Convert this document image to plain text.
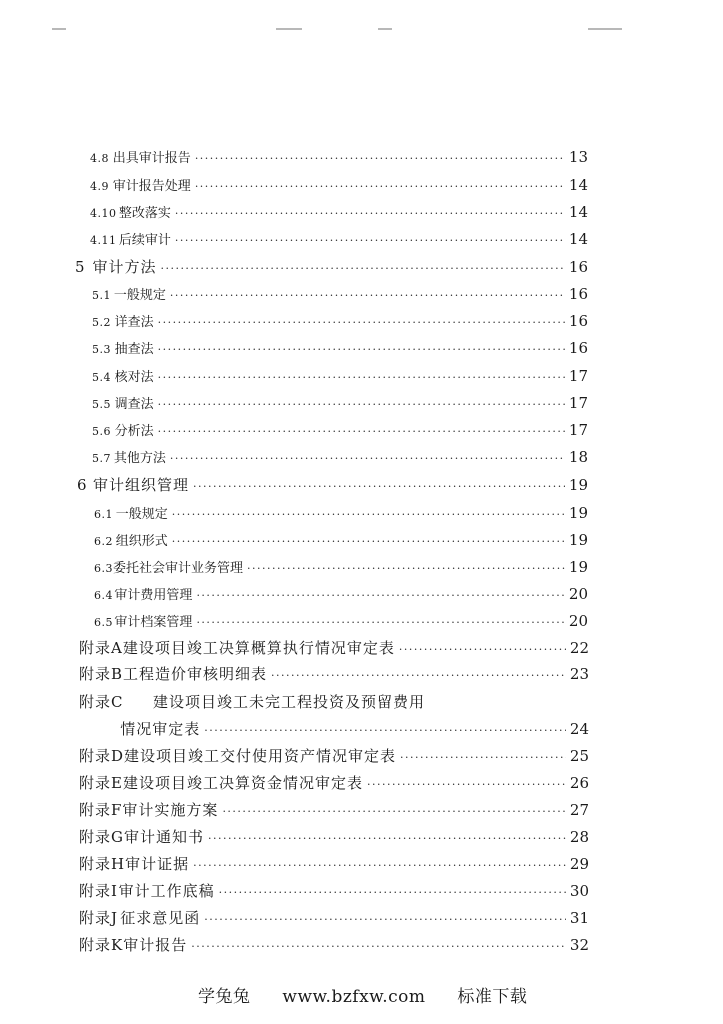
4.8 出具审计报告 ·····	13
4.9 审计报告处理 ·····	14
4.10 整改落实 ·····	14
4.11 后续审计 ·····	14
5 审计方法 ·····	16
5.1 一般规定 ·····	16
5.2 详查法 ·····	16
5.3 抽查法 ·····	16
5.4 核对法 ·····	17
5.5 调查法 ·····	17
5.6 分析法 ·····	17
5.7 其他方法 ·····	18
6 审计组织管理 ·····	19
6.1 一般规定 ·····	19
6.2 组织形式 ·····	19
6.3 委托社会审计业务管理 ·····	19
6.4 审计费用管理 ·····	20
6.5 审计档案管理 ·····	20
附录A 建设项目竣工决算概算执行情况审定表 ·····	22
附录B 工程造价审核明细表 ·····	23
附录C	建设项目竣工未完工程投资及预留费用
情况审定表 ·····	24
附录D 建设项目竣工交付使用资产情况审定表 ·····	25
附录E 建设项目竣工决算资金情况审定表 ·····	26
附录F 审计实施方案 ·····	27
附录G 审计通知书 ·····	28
附录H 审计证据 ·····	29
附录I 审计工作底稿 ·····	30
附录J 征求意见函 ·····	31
附录K 审计报告 ·····	32
学兔兔 www.bzfxw.com 标准下载
